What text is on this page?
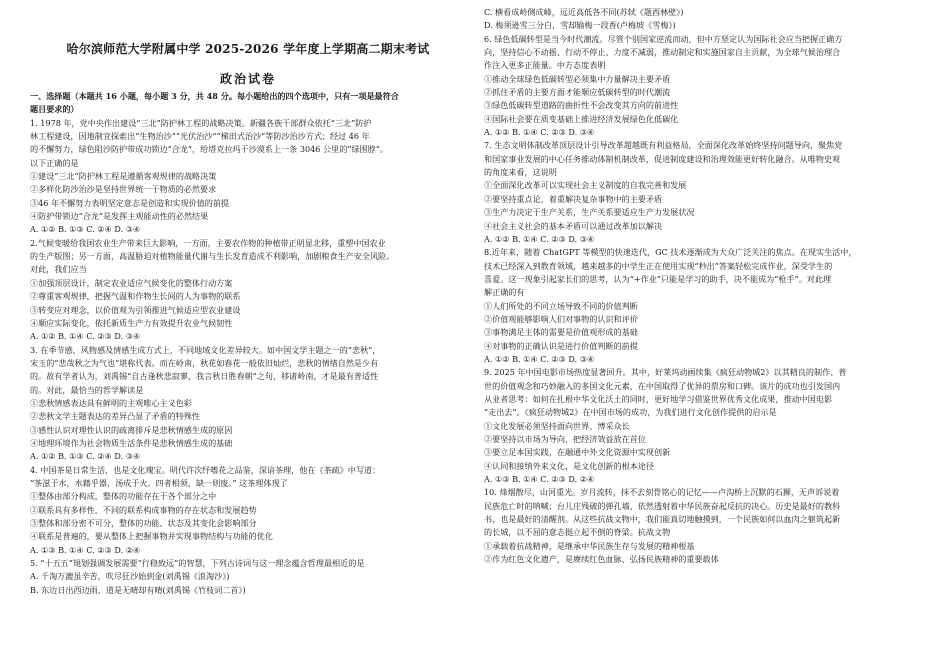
哈尔滨师范大学附属中学 2025-2026 学年度上学期高二期末考试
政治试卷
一、选择题（本题共 16 小题，每小题 3 分，共 48 分。每小题给出的四个选项中，只有一项是最符合
题目要求的）
1. 1978 年，党中央作出建设“三北”防护林工程的战略决策。新疆各族干部群众依托“三北”防护
林工程建设，因地制宜探索出“生物治沙”“光伏治沙”“梯田式治沙”等防沙治沙方式；经过 46 年
的不懈努力，绿色阻沙防护带成功锁边“合龙”，给塔克拉玛干沙漠系上一条 3046 公里的“绿围脖”。
以下正确的是
①建设“三北”防护林工程是遵循客观规律的战略决策
②多样化防沙治沙是坚持世界统一于物质的必然要求
③46 年不懈努力表明坚定意志是创造和实现价值的前提
④防护带锁边“合龙”是发挥主观能动性的必然结果
A. ①② B. ①③ C. ②④ D. ③④
2.气候变暖给我国农业生产带来巨大影响，一方面，主要农作物的种植带正明显北移，重塑中国农业
的生产版图；另一方面，高温胁迫对植物能量代谢与生长发育造成不利影响，加剧粮食生产安全风险。
对此，我们应当
①加强顶层设计，制定农业适应气候变化的整体行动方案
②尊重客观规律，把握气温和作物生长间的人为事物的联系
③转变应对理念，以价值观为引领推进气候适应型农业建设
④顺应实际变化，依托新质生产力有效提升农业气候韧性
A. ①② B. ①④ C. ②③ D. ③④
3. 在季节感、风物感及情感生成方式上，不同地域文化差异较大。如中国文学主题之一的“悲秋”，
宋玉的“悲哉秋之为气也”堪称代表。而在岭南，秋花如春花一般依旧灿烂，悲秋的情绪自然是少有
的。故有学者认为，刘禹锡“自古逢秋悲寂寥，我言秋日胜春朝”之句，移诸岭南，才是最有普适性
的。对此，最恰当的哲学解读是
①悲秋情感表达具有鲜明的主观唯心主义色彩
②悲秋文学主题表达的差异凸显了矛盾的特殊性
③感性认识对理性认识的疏离排斥是悲秋情感生成的原因
④地理环境作为社会物质生活条件是悲秋情感生成的基础
A. ①② B. ①③ C. ②④ D. ③④
4. 中国茶是日常生活，也是文化瑰宝。明代许次纾嗜花之品鉴，深谙茶理，他在《茶疏》中写道：
“茶滋于水，水藉乎器，汤成于火。四者相须，缺一则废。” 这茶理体现了
①整体由部分构成，整体的功能存在于各个部分之中
②联系具有多样性，不同的联系构成事物的存在状态和发展趋势
③整体和部分密不可分，整体的功能、状态及其变化会影响部分
④联系是普遍的，要从整体上把握事物并实现事物结构与功能的优化
A. ①③ B. ①④ C. ②③ D. ②④
5. “十五五”規划强调发展需要“行稳致远”的智慧，下列古诗词与这一理念蕴含哲理最相近的是
A. 千淘万漉虽辛苦，吹尽狂沙始到金(刘禹锡《浪淘沙》)
B. 东边日出西边雨，道是无晴却有晴(刘禹锡《竹枝词二首》)
C. 横看成岭侧成峰，远近高低各不同(苏轼《题西林壁》)
D. 梅须逊雪三分白，雪却输梅一段香(卢梅坡《雪梅》)
6. 绿色低碳转型是当今时代潮流。尽管个别国家逆流而动，但中方坚定认为国际社会应当把握正确方
向，坚持信心不动摇、行动不停止、力度不减弱，推动制定和实施国家自主贡献，为全球气候治理合
作注入更多正能量。中方态度表明
①推动全球绿色低碳转型必须集中力量解决主要矛盾
②抓住矛盾的主要方面才能顺应低碳转型的时代潮流
③绿色低碳转型道路的曲折性不会改变其方向的前进性
④国际社会要在质变基础上推进经济发展绿色化低碳化
A. ①② B. ①④ C. ②③ D. ③④
7. 生态文明体制改革顶层设计引导改革超越既有利益格局，全面深化改革始终坚持问题导向，聚焦党
和国家事业发展的中心任务推动体制机制改革，促进制度建设和治理效能更好转化融合。从唯物史观
的角度来看，这说明
①全面深化改革可以实现社会主义制度的自我完善和发展
②要坚持重点论，着重解决复杂事物中的主要矛盾
③生产力决定于生产关系，生产关系要适应生产力发展状况
④社会主义社会的基本矛盾可以通过改革加以解决
A. ①② B. ①④ C. ②③ D. ③④
8.近年来，随着 ChatGPT 等模型的快速迭代，GC 技术逐渐成为大众广泛关注的焦点。在现实生活中，
技术已经深入到教育领域，越来越多的中学生正在使用实现“秒出”答案轻松完成作业，深受学生的
喜爱。这一现象引起家长们的思考，认为“+作业”只能是学习的助手，决不能成为“枪手”。对此理
解正确的有
①人们所处的不同立场导致不同的价值判断
②价值观能够影响人们对事物的认识和评价
③事物满足主体的需要是价值观形成的基础
④对事物的正确认识是进行价值判断的前提
A. ①② B. ①④ C. ②③ D. ③④
9. 2025 年中国电影市场热度显著回升。其中，好莱坞动画续集《疯狂动物城2》以其精良的制作、普
世的价值观念和巧妙融入的多国文化元素，在中国取得了优异的票房和口碑。该片的成功也引发国内
从业者思考：如何在扎根中华文化沃土的同时，更好地学习借鉴世界优秀文化成果，推动中国电影
“走出去”。《疯狂动物城2》在中国市场的成功，为我们进行文化创作提供的启示是
①文化发展必须坚持面向世界、博采众长
②要坚持以市场为导向，把经济效益放在首位
③要立足本国实践，在融通中外文化资源中实现创新
④认同和接纳外来文化，是文化创新的根本途径
A. ①③ B. ①④ C. ②③ D. ②④
10. 烽烟散尽，山河重光。岁月流转，抹不去刻骨铭心的记忆——卢沟桥上沉默的石狮，无声诉说着
民族危亡时的呐喊；台儿庄残破的弹孔墙，依然透射着中华民族奋起反抗的决心。历史是最好的教科
书，也是最好的清醒剂。从这些抗战文物中，我们能真切地触摸到，一个民族如何以血肉之躯筑起新
的长城，以不屈的意志挺立起不倒的脊梁。抗战文物
①承载着抗战精神，是继承中华民族生存与发展的精神根基
②作为红色文化遗产，是赓续红色血脉、弘扬民族精神的重要载体
